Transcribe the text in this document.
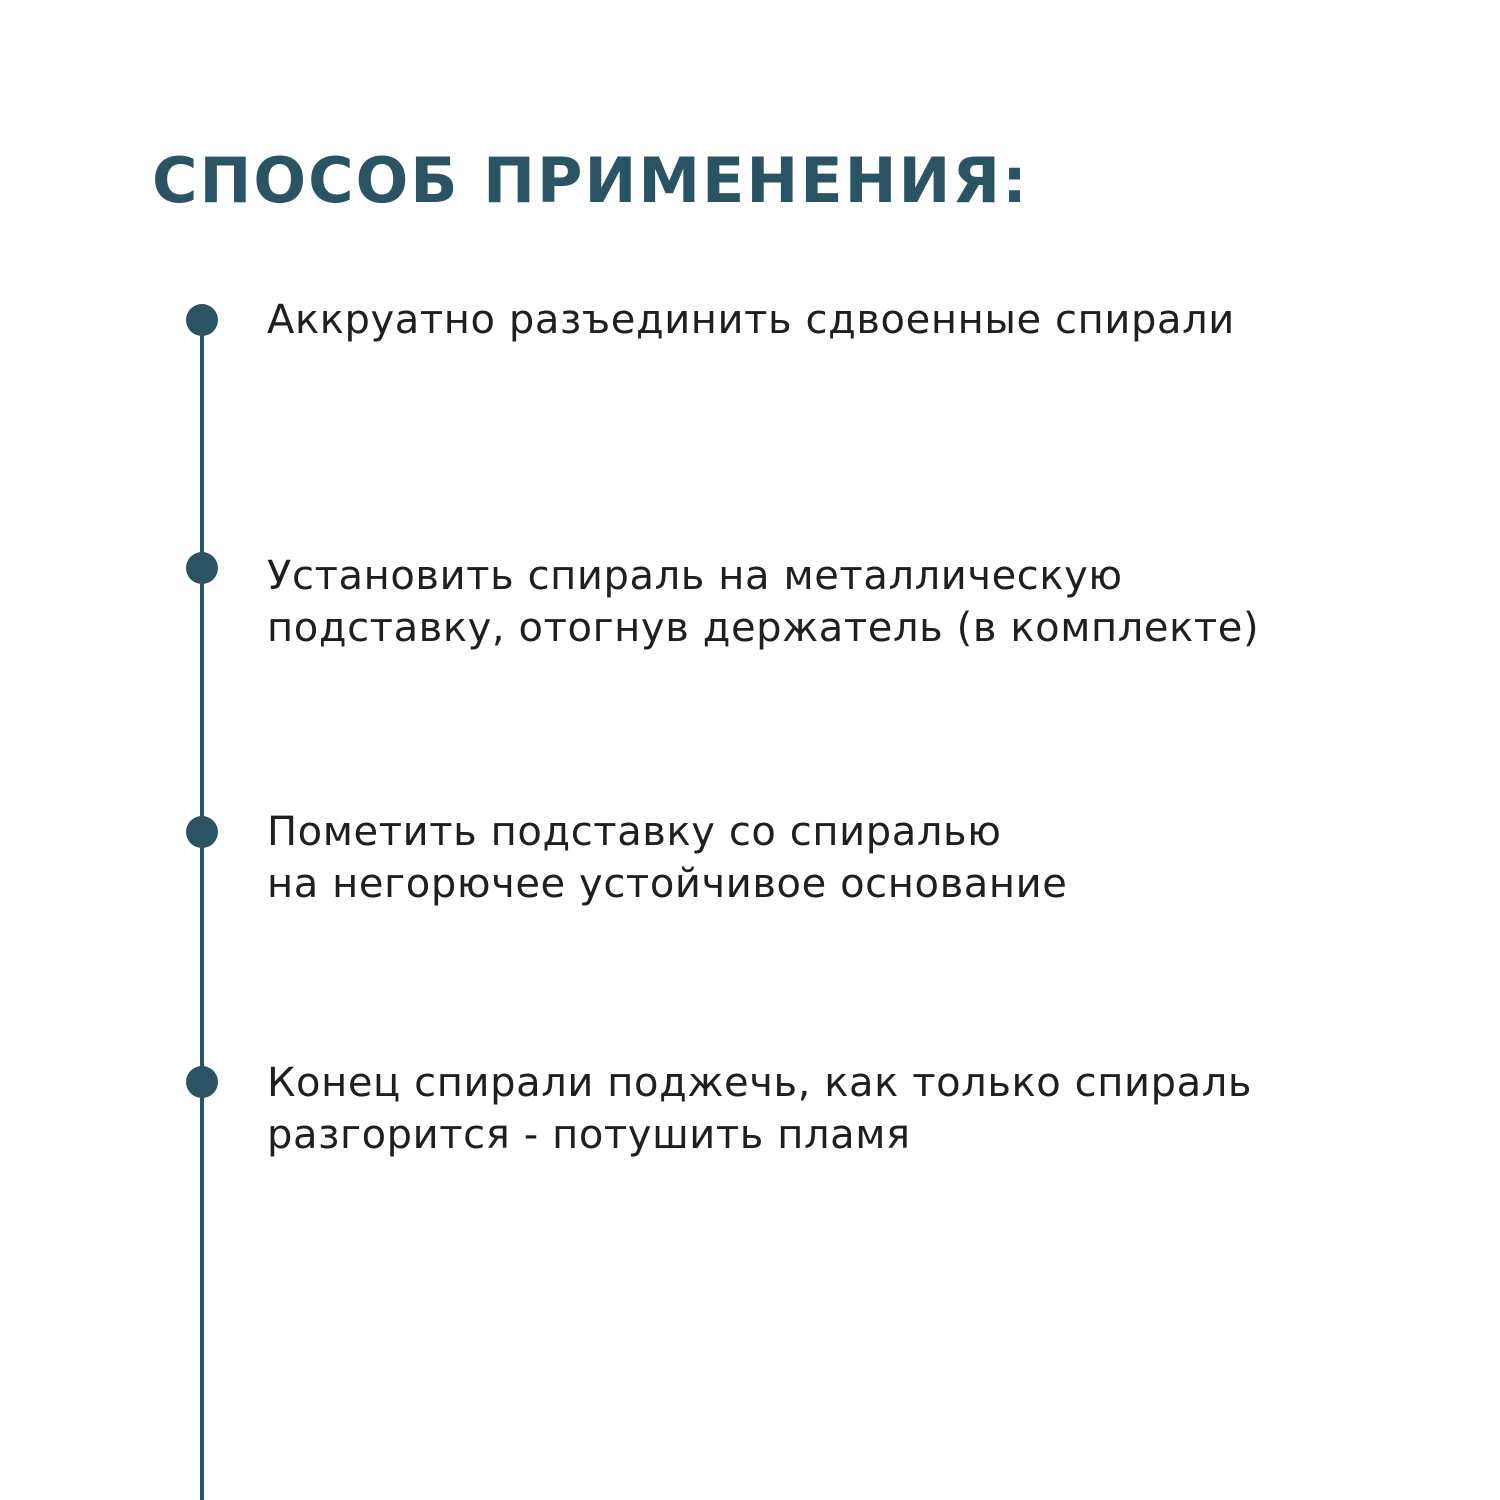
СПОСОБ ПРИМЕНЕНИЯ:

Аккруатно разъединить сдвоенные спирали

Установить спираль на металлическую
подставку, отогнув держатель (в комплекте)

Пометить подставку со спиралью
на негорючее устойчивое основание

Конец спирали поджечь, как только спираль
разгорится - потушить пламя
